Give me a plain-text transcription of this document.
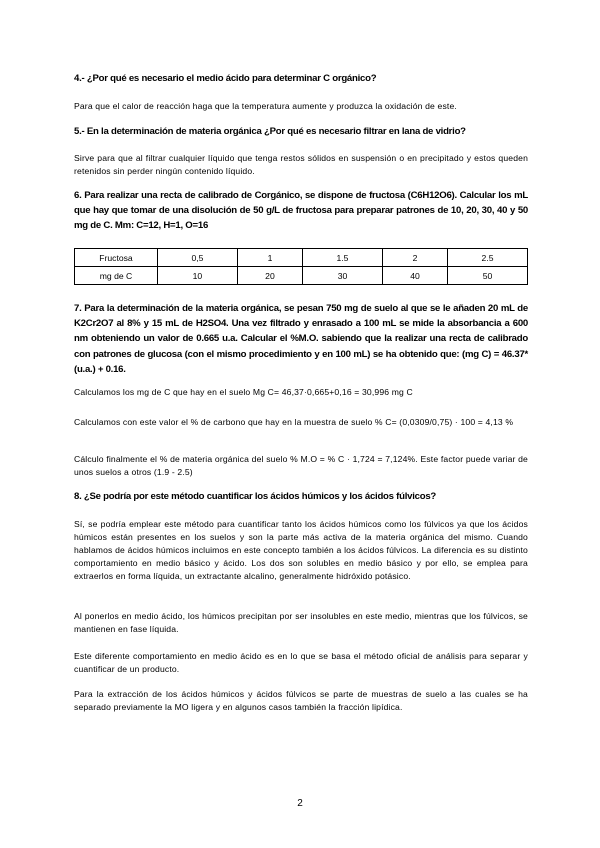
4.- ¿Por qué es necesario el medio ácido para determinar C orgánico?

Para que el calor de reacción haga que la temperatura aumente y produzca la oxidación de este.

5.- En la determinación de materia orgánica ¿Por qué es necesario filtrar en lana de vidrio?

Sirve para que al filtrar cualquier líquido que tenga restos sólidos en suspensión o en precipitado y estos queden retenidos sin perder ningún contenido líquido.

6. Para realizar una recta de calibrado de Corgánico, se dispone de fructosa (C6H12O6). Calcular los mL que hay que tomar de una disolución de 50 g/L de fructosa para preparar patrones de 10, 20, 30, 40 y 50 mg de C. Mm: C=12, H=1, O=16

Fructosa	0,5	1	1.5	2	2.5
mg de C	10	20	30	40	50

7. Para la determinación de la materia orgánica, se pesan 750 mg de suelo al que se le añaden 20 mL de K2Cr2O7 al 8% y 15 mL de H2SO4. Una vez filtrado y enrasado a 100 mL se mide la absorbancia a 600 nm obteniendo un valor de 0.665 u.a. Calcular el %M.O. sabiendo que la realizar una recta de calibrado con patrones de glucosa (con el mismo procedimiento y en 100 mL) se ha obtenido que: (mg C) = 46.37* (u.a.) + 0.16.

Calculamos los mg de C que hay en el suelo Mg C= 46,37·0,665+0,16 = 30,996 mg C

Calculamos con este valor el % de carbono que hay en la muestra de suelo % C= (0,0309/0,75) · 100 = 4,13 %

Cálculo finalmente el % de materia orgánica del suelo % M.O = % C · 1,724 = 7,124%. Este factor puede variar de unos suelos a otros (1.9 - 2.5)

8. ¿Se podría por este método cuantificar los ácidos húmicos y los ácidos fúlvicos?

Sí, se podría emplear este método para cuantificar tanto los ácidos húmicos como los fúlvicos ya que los ácidos húmicos están presentes en los suelos y son la parte más activa de la materia orgánica del mismo. Cuando hablamos de ácidos húmicos incluimos en este concepto también a los ácidos fúlvicos. La diferencia es su distinto comportamiento en medio básico y ácido. Los dos son solubles en medio básico y por ello, se emplea para extraerlos en forma líquida, un extractante alcalino, generalmente hidróxido potásico.

Al ponerlos en medio ácido, los húmicos precipitan por ser insolubles en este medio, mientras que los fúlvicos, se mantienen en fase líquida.

Este diferente comportamiento en medio ácido es en lo que se basa el método oficial de análisis para separar y cuantificar de un producto.

Para la extracción de los ácidos húmicos y ácidos fúlvicos se parte de muestras de suelo a las cuales se ha separado previamente la MO ligera y en algunos casos también la fracción lipídica.

2
